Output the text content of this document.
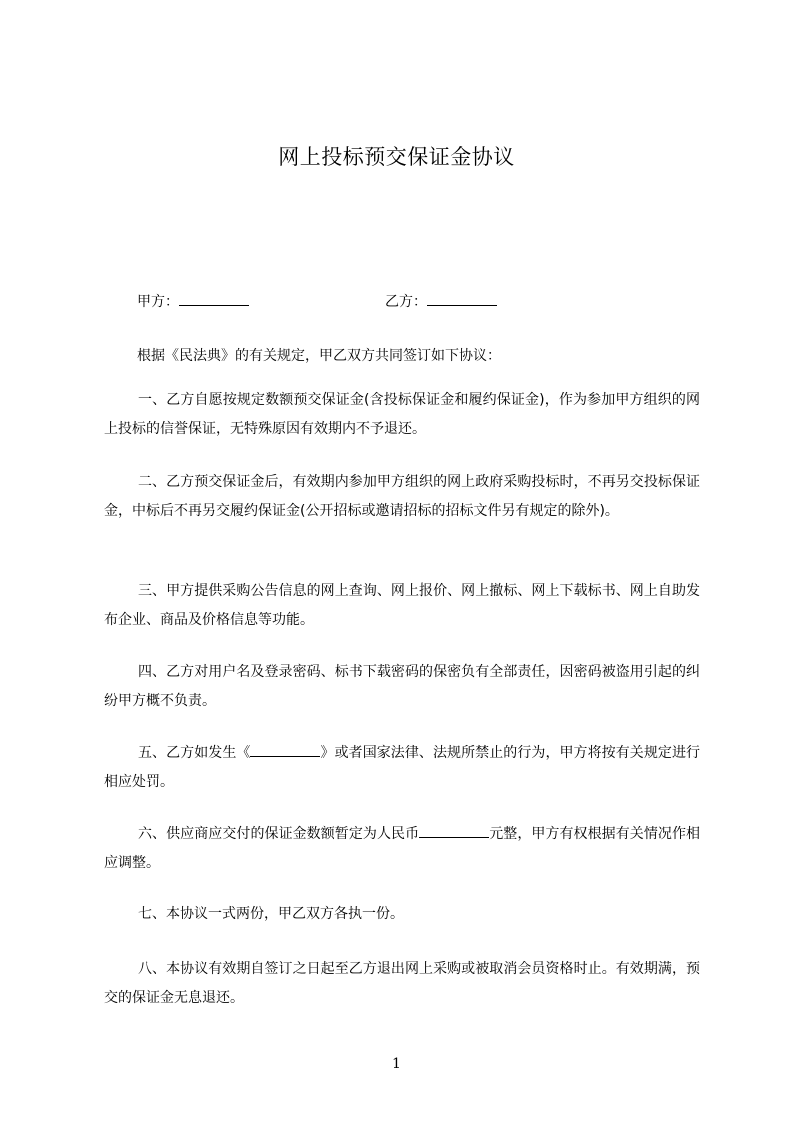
网上投标预交保证金协议
甲方：	乙方：
根据《民法典》的有关规定，甲乙双方共同签订如下协议：

一、乙方自愿按规定数额预交保证金(含投标保证金和履约保证金)，作为参加甲方组织的网上投标的信誉保证，无特殊原因有效期内不予退还。

二、乙方预交保证金后，有效期内参加甲方组织的网上政府采购投标时，不再另交投标保证金，中标后不再另交履约保证金(公开招标或邀请招标的招标文件另有规定的除外)。

三、甲方提供采购公告信息的网上查询、网上报价、网上撤标、网上下载标书、网上自助发布企业、商品及价格信息等功能。

四、乙方对用户名及登录密码、标书下载密码的保密负有全部责任，因密码被盗用引起的纠纷甲方概不负责。

五、乙方如发生《	》或者国家法律、法规所禁止的行为，甲方将按有关规定进行相应处罚。

六、供应商应交付的保证金数额暂定为人民币	元整，甲方有权根据有关情况作相应调整。

七、本协议一式两份，甲乙双方各执一份。

八、本协议有效期自签订之日起至乙方退出网上采购或被取消会员资格时止。有效期满，预交的保证金无息退还。

1
